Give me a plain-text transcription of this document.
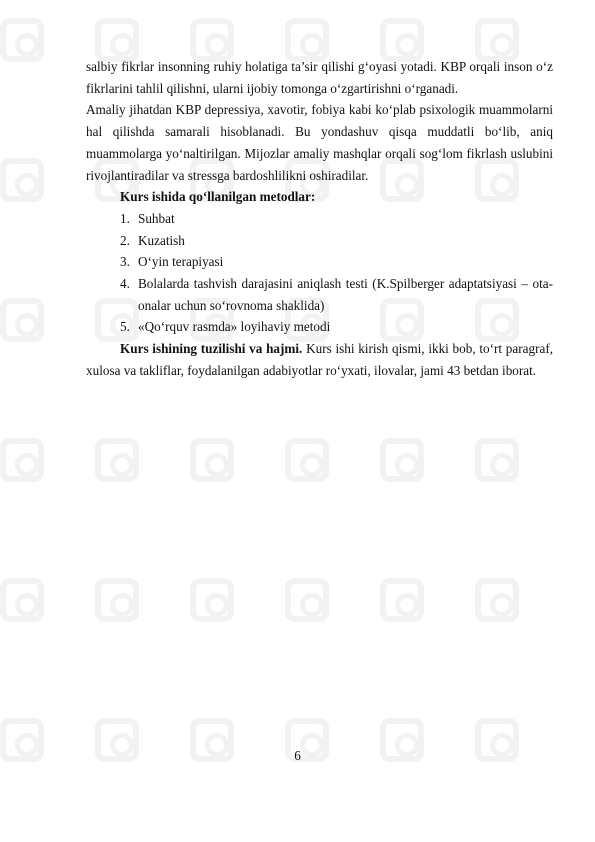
salbiy fikrlar insonning ruhiy holatiga ta’sir qilishi g‘oyasi yotadi. KBP orqali inson o‘z fikrlarini tahlil qilishni, ularni ijobiy tomonga o‘zgartirishni o‘rganadi.

Amaliy jihatdan KBP depressiya, xavotir, fobiya kabi ko‘plab psixologik muammolarni hal qilishda samarali hisoblanadi. Bu yondashuv qisqa muddatli bo‘lib, aniq muammolarga yo‘naltirilgan. Mijozlar amaliy mashqlar orqali sog‘lom fikrlash uslubini rivojlantiradilar va stressga bardoshlilikni oshiradilar.

Kurs ishida qo‘llanilgan metodlar:

1. Suhbat
2. Kuzatish
3. O‘yin terapiyasi
4. Bolalarda tashvish darajasini aniqlash testi (K.Spilberger adaptatsiyasi – ota-onalar uchun so‘rovnoma shaklida)
5. «Qo‘rquv rasmda» loyihaviy metodi

Kurs ishining tuzilishi va hajmi. Kurs ishi kirish qismi, ikki bob, to‘rt paragraf, xulosa va takliflar, foydalanilgan adabiyotlar ro‘yxati, ilovalar, jami 43 betdan iborat.

6
